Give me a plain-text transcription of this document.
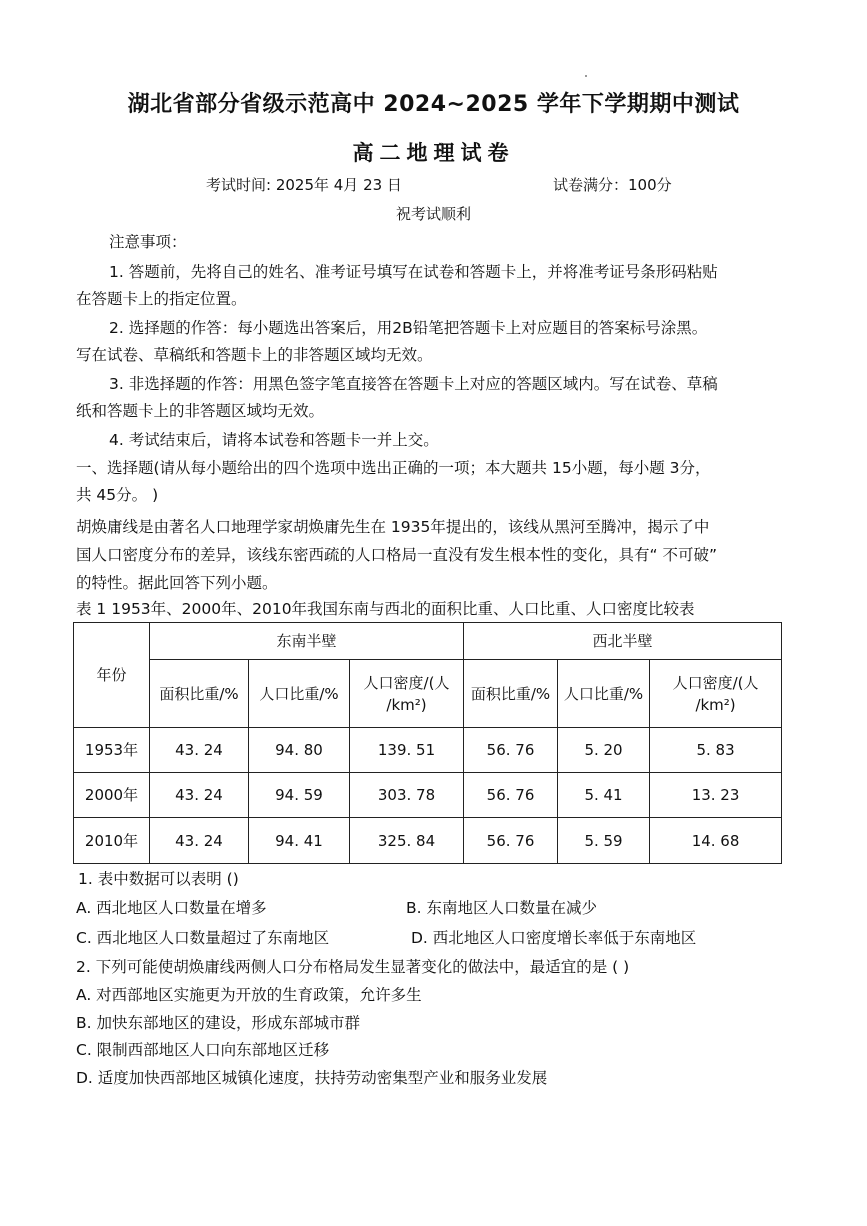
湖北省部分省级示范高中 2024~2025 学年下学期期中测试
高二地理试卷
考试时间: 2025年 4月 23 日	试卷满分：100分
祝考试顺利
注意事项：
1. 答题前，先将自己的姓名、准考证号填写在试卷和答题卡上，并将准考证号条形码粘贴
在答题卡上的指定位置。
2. 选择题的作答：每小题选出答案后，用2B铅笔把答题卡上对应题目的答案标号涂黑。
写在试卷、草稿纸和答题卡上的非答题区域均无效。
3. 非选择题的作答：用黑色签字笔直接答在答题卡上对应的答题区域内。写在试卷、草稿
纸和答题卡上的非答题区域均无效。
4. 考试结束后，请将本试卷和答题卡一并上交。
一、选择题(请从每小题给出的四个选项中选出正确的一项；本大题共 15小题，每小题 3分，
共 45分。 )
胡焕庸线是由著名人口地理学家胡焕庸先生在 1935年提出的，该线从黑河至腾冲，揭示了中
国人口密度分布的差异，该线东密西疏的人口格局一直没有发生根本性的变化，具有“ 不可破”
的特性。据此回答下列小题。
表 1 1953年、2000年、2010年我国东南与西北的面积比重、人口比重、人口密度比较表
年份	东南半壁			西北半壁		
	面积比重/%	人口比重/%	人口密度/(人
/km²)	面积比重/%	人口比重/%	人口密度/(人
/km²)
1953年	43. 24	94. 80	139. 51	56. 76	5. 20	5. 83
2000年	43. 24	94. 59	303. 78	56. 76	5. 41	13. 23
2010年	43. 24	94. 41	325. 84	56. 76	5. 59	14. 68
1. 表中数据可以表明 ()
A. 西北地区人口数量在增多	B. 东南地区人口数量在减少
C. 西北地区人口数量超过了东南地区	D. 西北地区人口密度增长率低于东南地区
2. 下列可能使胡焕庸线两侧人口分布格局发生显著变化的做法中，最适宜的是 ( )
A. 对西部地区实施更为开放的生育政策，允许多生
B. 加快东部地区的建设，形成东部城市群
C. 限制西部地区人口向东部地区迁移
D. 适度加快西部地区城镇化速度，扶持劳动密集型产业和服务业发展
